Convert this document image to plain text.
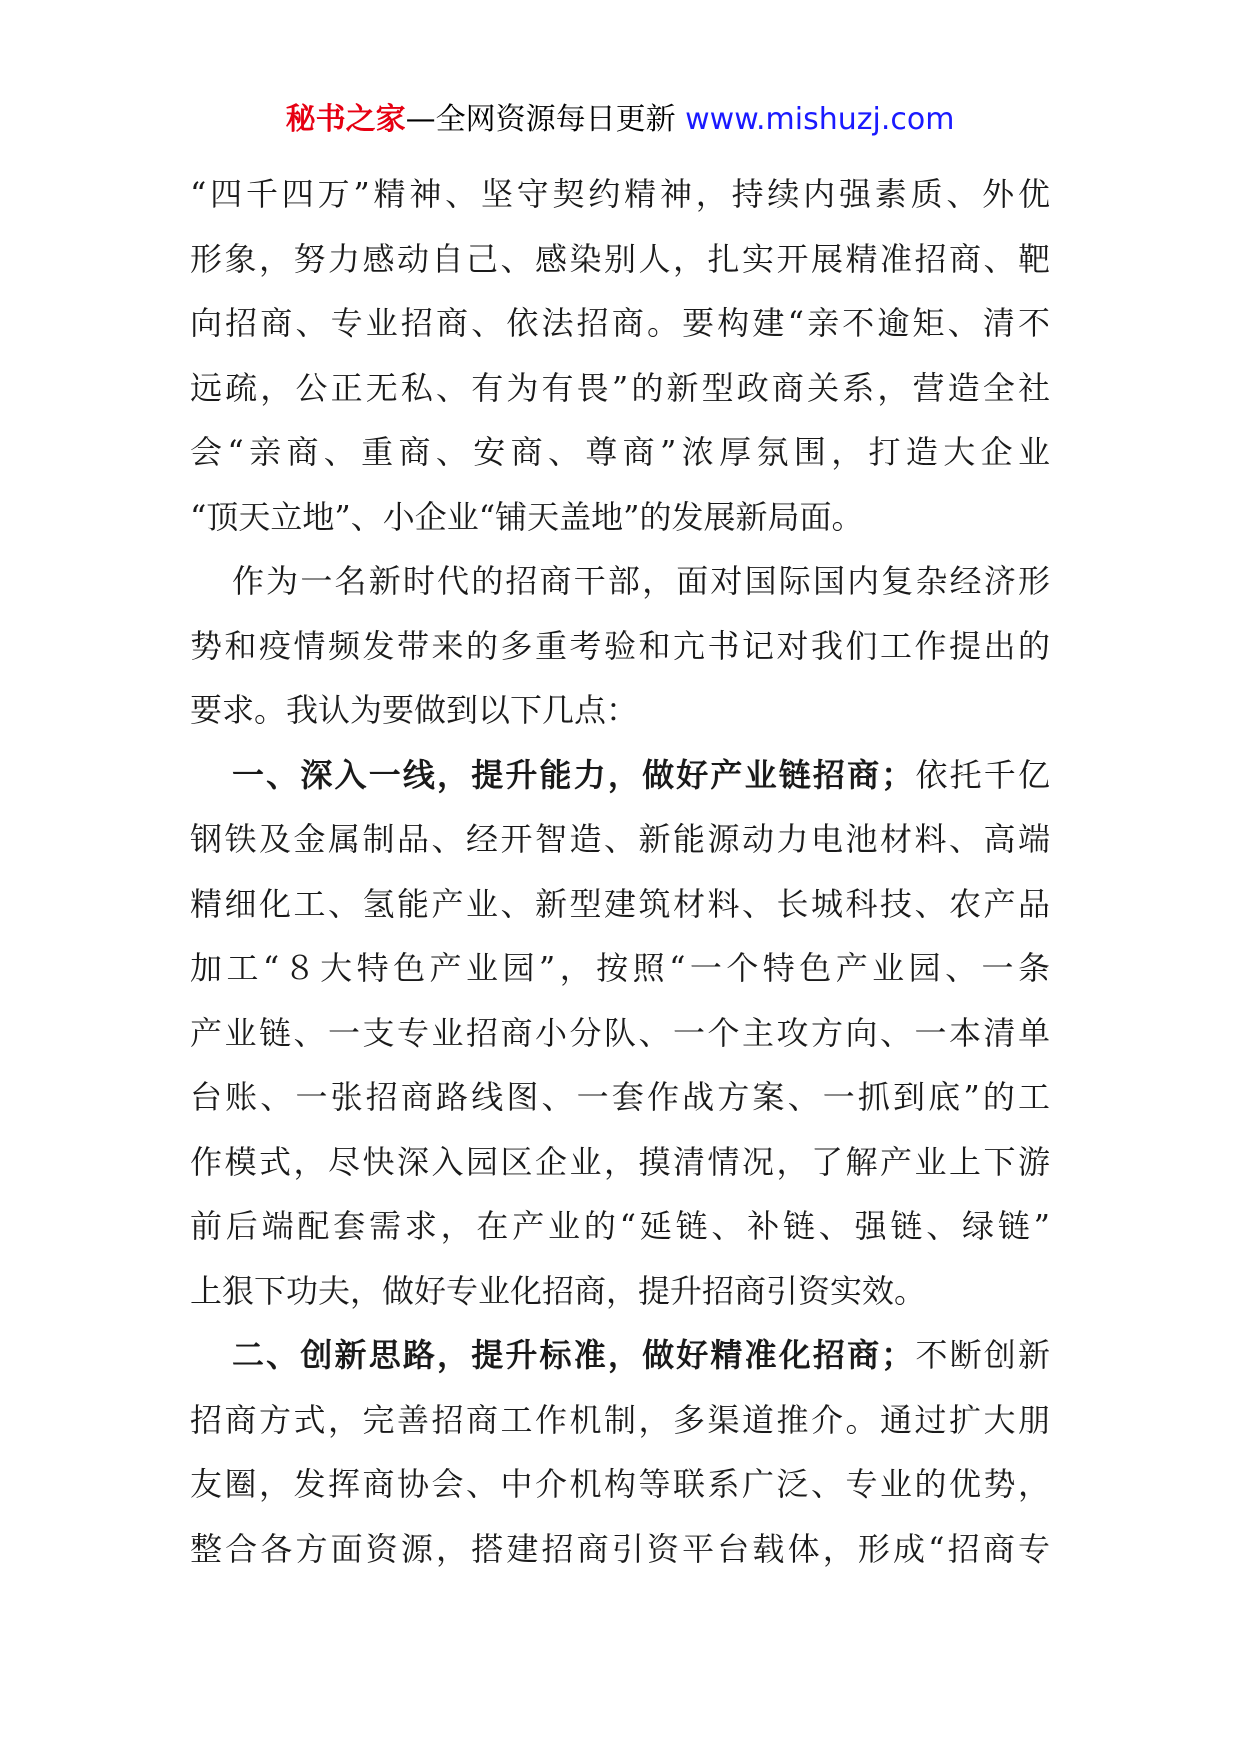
秘书之家—全网资源每日更新 www.mishuzj.com
“四千四万”精神、坚守契约精神，持续内强素质、外优
形象，努力感动自己、感染别人，扎实开展精准招商、靶
向招商、专业招商、依法招商。要构建“亲不逾矩、清不
远疏，公正无私、有为有畏”的新型政商关系，营造全社
会“亲商、重商、安商、尊商”浓厚氛围，打造大企业
“顶天立地”、小企业“铺天盖地”的发展新局面。
作为一名新时代的招商干部，面对国际国内复杂经济形
势和疫情频发带来的多重考验和亢书记对我们工作提出的
要求。我认为要做到以下几点：
一、深入一线，提升能力，做好产业链招商；依托千亿
钢铁及金属制品、经开智造、新能源动力电池材料、高端
精细化工、氢能产业、新型建筑材料、长城科技、农产品
加工“８大特色产业园”，按照“一个特色产业园、一条
产业链、一支专业招商小分队、一个主攻方向、一本清单
台账、一张招商路线图、一套作战方案、一抓到底”的工
作模式，尽快深入园区企业，摸清情况，了解产业上下游
前后端配套需求，在产业的“延链、补链、强链、绿链”
上狠下功夫，做好专业化招商，提升招商引资实效。
二、创新思路，提升标准，做好精准化招商；不断创新
招商方式，完善招商工作机制，多渠道推介。通过扩大朋
友圈，发挥商协会、中介机构等联系广泛、专业的优势，
整合各方面资源，搭建招商引资平台载体，形成“招商专
